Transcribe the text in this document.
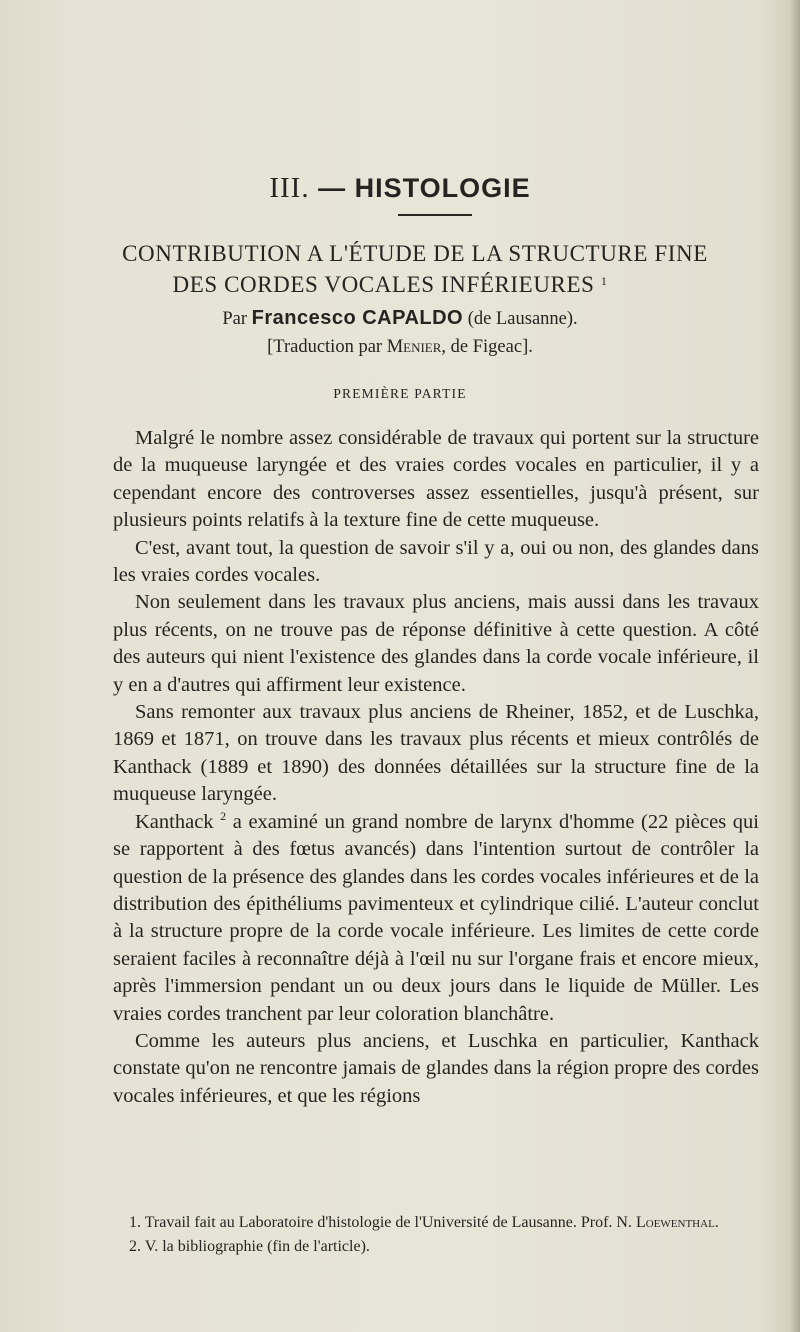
III. — HISTOLOGIE
CONTRIBUTION A L'ÉTUDE DE LA STRUCTURE FINE
DES CORDES VOCALES INFÉRIEURES $^1$
Par Francesco CAPALDO (de Lausanne).
[Traduction par Menier, de Figeac].
PREMIÈRE PARTIE

Malgré le nombre assez considérable de travaux qui portent sur la structure de la muqueuse laryngée et des vraies cordes vocales en particulier, il y a cependant encore des controverses assez essentielles, jusqu'à présent, sur plusieurs points relatifs à la texture fine de cette muqueuse.

C'est, avant tout, la question de savoir s'il y a, oui ou non, des glandes dans les vraies cordes vocales.

Non seulement dans les travaux plus anciens, mais aussi dans les travaux plus récents, on ne trouve pas de réponse définitive à cette question. A côté des auteurs qui nient l'existence des glandes dans la corde vocale inférieure, il y en a d'autres qui affirment leur existence.

Sans remonter aux travaux plus anciens de Rheiner, 1852, et de Luschka, 1869 et 1871, on trouve dans les travaux plus récents et mieux contrôlés de Kanthack (1889 et 1890) des données détaillées sur la structure fine de la muqueuse laryngée.

Kanthack $^2$ a examiné un grand nombre de larynx d'homme (22 pièces qui se rapportent à des fœtus avancés) dans l'intention surtout de contrôler la question de la présence des glandes dans les cordes vocales inférieures et de la distribution des épithéliums pavimenteux et cylindrique cilié. L'auteur conclut à la structure propre de la corde vocale inférieure. Les limites de cette corde seraient faciles à reconnaître déjà à l'œil nu sur l'organe frais et encore mieux, après l'immersion pendant un ou deux jours dans le liquide de Müller. Les vraies cordes tranchent par leur coloration blanchâtre.

Comme les auteurs plus anciens, et Luschka en particulier, Kanthack constate qu'on ne rencontre jamais de glandes dans la région propre des cordes vocales inférieures, et que les régions

1. Travail fait au Laboratoire d'histologie de l'Université de Lausanne. Prof. N. Loewenthal.

2. V. la bibliographie (fin de l'article).
